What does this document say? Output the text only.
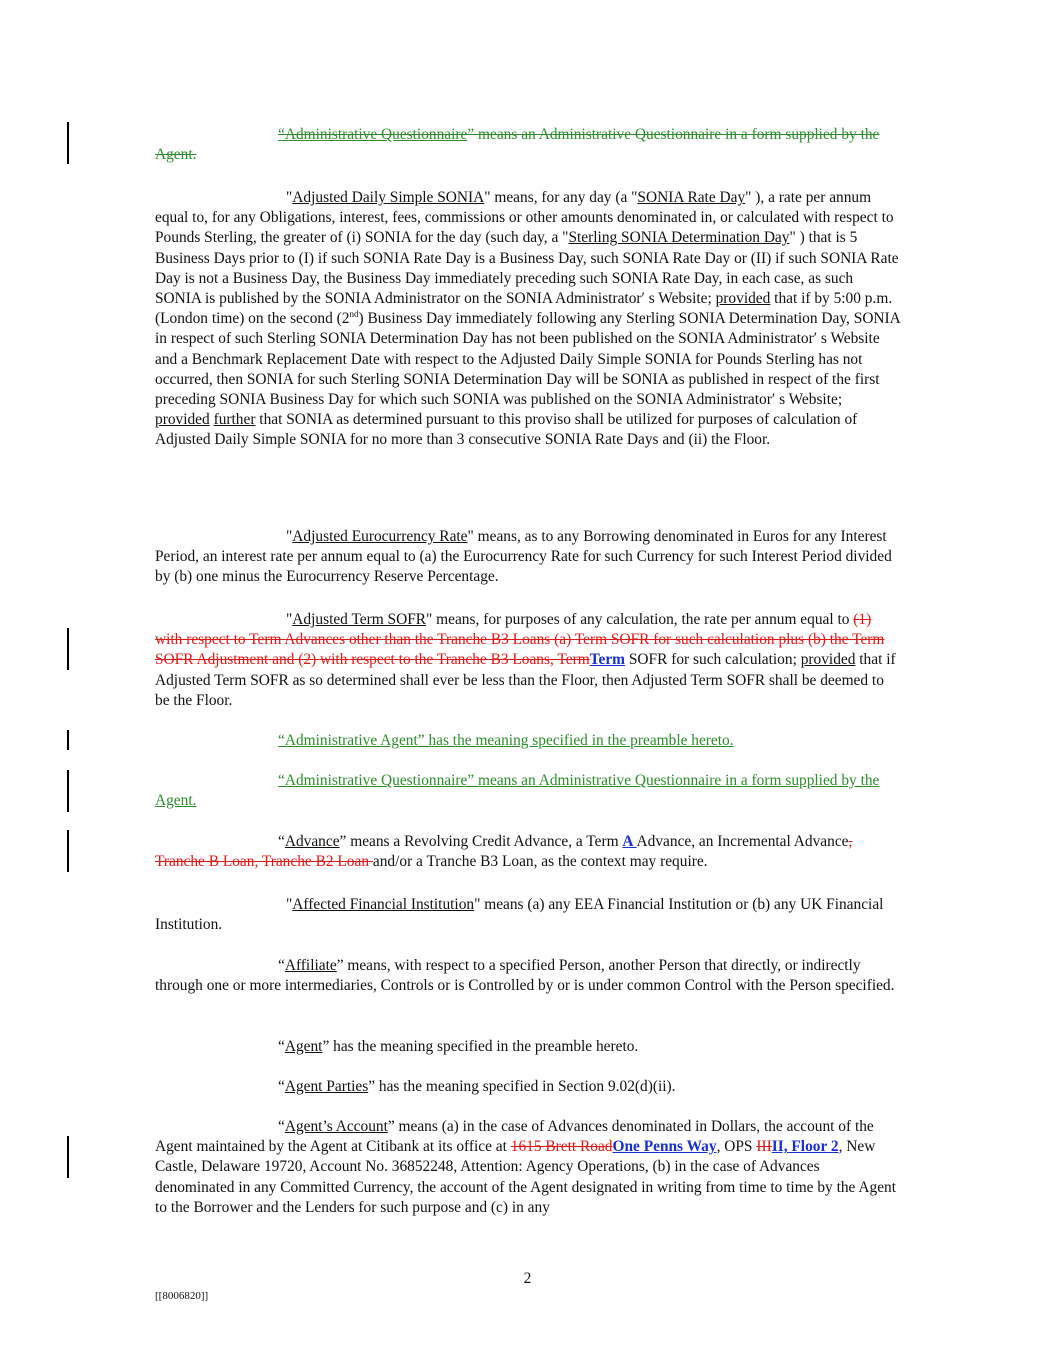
“Administrative Questionnaire” means an Administrative Questionnaire in a form supplied by the Agent.

"Adjusted Daily Simple SONIA" means, for any day (a "SONIA Rate Day" ), a rate per annum equal to, for any Obligations, interest, fees, commissions or other amounts denominated in, or calculated with respect to Pounds Sterling, the greater of (i) SONIA for the day (such day, a "Sterling SONIA Determination Day" ) that is 5 Business Days prior to (I) if such SONIA Rate Day is a Business Day, such SONIA Rate Day or (II) if such SONIA Rate Day is not a Business Day, the Business Day immediately preceding such SONIA Rate Day, in each case, as such SONIA is published by the SONIA Administrator on the SONIA Administrator′ s Website; provided that if by 5:00 p.m. (London time) on the second (2nd) Business Day immediately following any Sterling SONIA Determination Day, SONIA in respect of such Sterling SONIA Determination Day has not been published on the SONIA Administrator′ s Website and a Benchmark Replacement Date with respect to the Adjusted Daily Simple SONIA for Pounds Sterling has not occurred, then SONIA for such Sterling SONIA Determination Day will be SONIA as published in respect of the first preceding SONIA Business Day for which such SONIA was published on the SONIA Administrator′ s Website; provided further that SONIA as determined pursuant to this proviso shall be utilized for purposes of calculation of Adjusted Daily Simple SONIA for no more than 3 consecutive SONIA Rate Days and (ii) the Floor.

"Adjusted Eurocurrency Rate" means, as to any Borrowing denominated in Euros for any Interest Period, an interest rate per annum equal to (a) the Eurocurrency Rate for such Currency for such Interest Period divided by (b) one minus the Eurocurrency Reserve Percentage.

"Adjusted Term SOFR" means, for purposes of any calculation, the rate per annum equal to (1) with respect to Term Advances other than the Tranche B3 Loans (a) Term SOFR for such calculation plus (b) the Term SOFR Adjustment and (2) with respect to the Tranche B3 Loans, TermTerm SOFR for such calculation; provided that if Adjusted Term SOFR as so determined shall ever be less than the Floor, then Adjusted Term SOFR shall be deemed to be the Floor.

“Administrative Agent” has the meaning specified in the preamble hereto.

“Administrative Questionnaire” means an Administrative Questionnaire in a form supplied by the Agent.

“Advance” means a Revolving Credit Advance, a Term A Advance, an Incremental Advance, Tranche B Loan, Tranche B2 Loan and/or a Tranche B3 Loan, as the context may require.

"Affected Financial Institution" means (a) any EEA Financial Institution or (b) any UK Financial Institution.

“Affiliate” means, with respect to a specified Person, another Person that directly, or indirectly through one or more intermediaries, Controls or is Controlled by or is under common Control with the Person specified.

“Agent” has the meaning specified in the preamble hereto.

“Agent Parties” has the meaning specified in Section 9.02(d)(ii).

“Agent’s Account” means (a) in the case of Advances denominated in Dollars, the account of the Agent maintained by the Agent at Citibank at its office at 1615 Brett RoadOne Penns Way, OPS IIIII, Floor 2, New Castle, Delaware 19720, Account No. 36852248, Attention: Agency Operations, (b) in the case of Advances denominated in any Committed Currency, the account of the Agent designated in writing from time to time by the Agent to the Borrower and the Lenders for such purpose and (c) in any

2
[[8006820]]
